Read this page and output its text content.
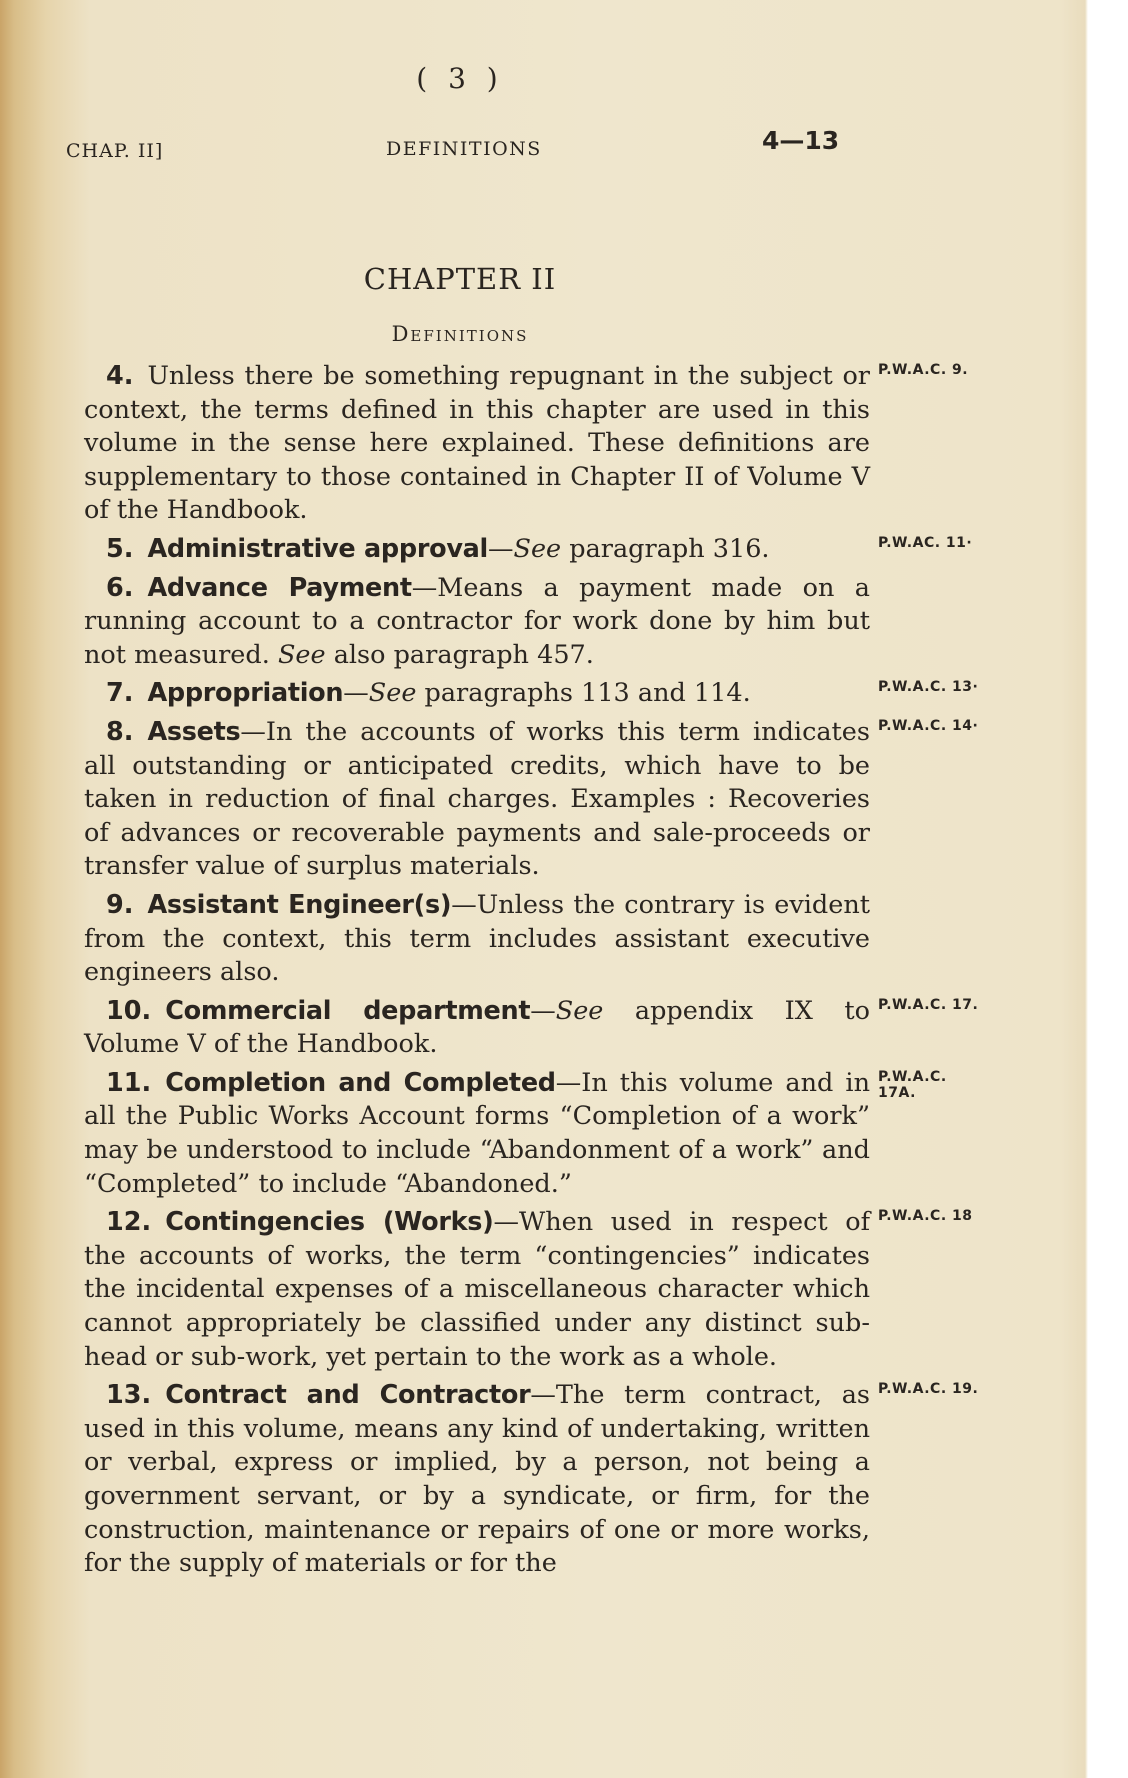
( 3 )
CHAP. II]	DEFINITIONS	4—13
CHAPTER II
Definitions

4. Unless there be something repugnant in the subject or context, the terms defined in this chapter are used in this volume in the sense here explained. These definitions are supplementary to those contained in Chapter II of Volume V of the Handbook.
P.W.A.C. 9.

5. Administrative approval—See paragraph 316.	P.W.AC. 11·

6. Advance Payment—Means a payment made on a running account to a contractor for work done by him but not measured. See also paragraph 457.

7. Appropriation—See paragraphs 113 and 114.	P.W.A.C. 13·

8. Assets—In the accounts of works this term indicates all outstanding or anticipated credits, which have to be taken in reduction of final charges. Examples : Recoveries of advances or recoverable payments and sale-proceeds or transfer value of surplus materials.
P.W.A.C. 14·

9. Assistant Engineer(s)—Unless the contrary is evident from the context, this term includes assistant executive engineers also.

10. Commercial department—See appendix IX to Volume V of the Handbook.
P.W.A.C. 17.

11. Completion and Completed—In this volume and in all the Public Works Account forms “Completion of a work” may be understood to include “Abandonment of a work” and “Completed” to include “Abandoned.”
P.W.A.C. 17A.

12. Contingencies (Works)—When used in respect of the accounts of works, the term “contingencies” indicates the incidental expenses of a miscellaneous character which cannot appropriately be classified under any distinct sub-head or sub-work, yet pertain to the work as a whole.
P.W.A.C. 18

13. Contract and Contractor—The term contract, as used in this volume, means any kind of undertaking, written or verbal, express or implied, by a person, not being a government servant, or by a syndicate, or firm, for the construction, maintenance or repairs of one or more works, for the supply of materials or for the
P.W.A.C. 19.
